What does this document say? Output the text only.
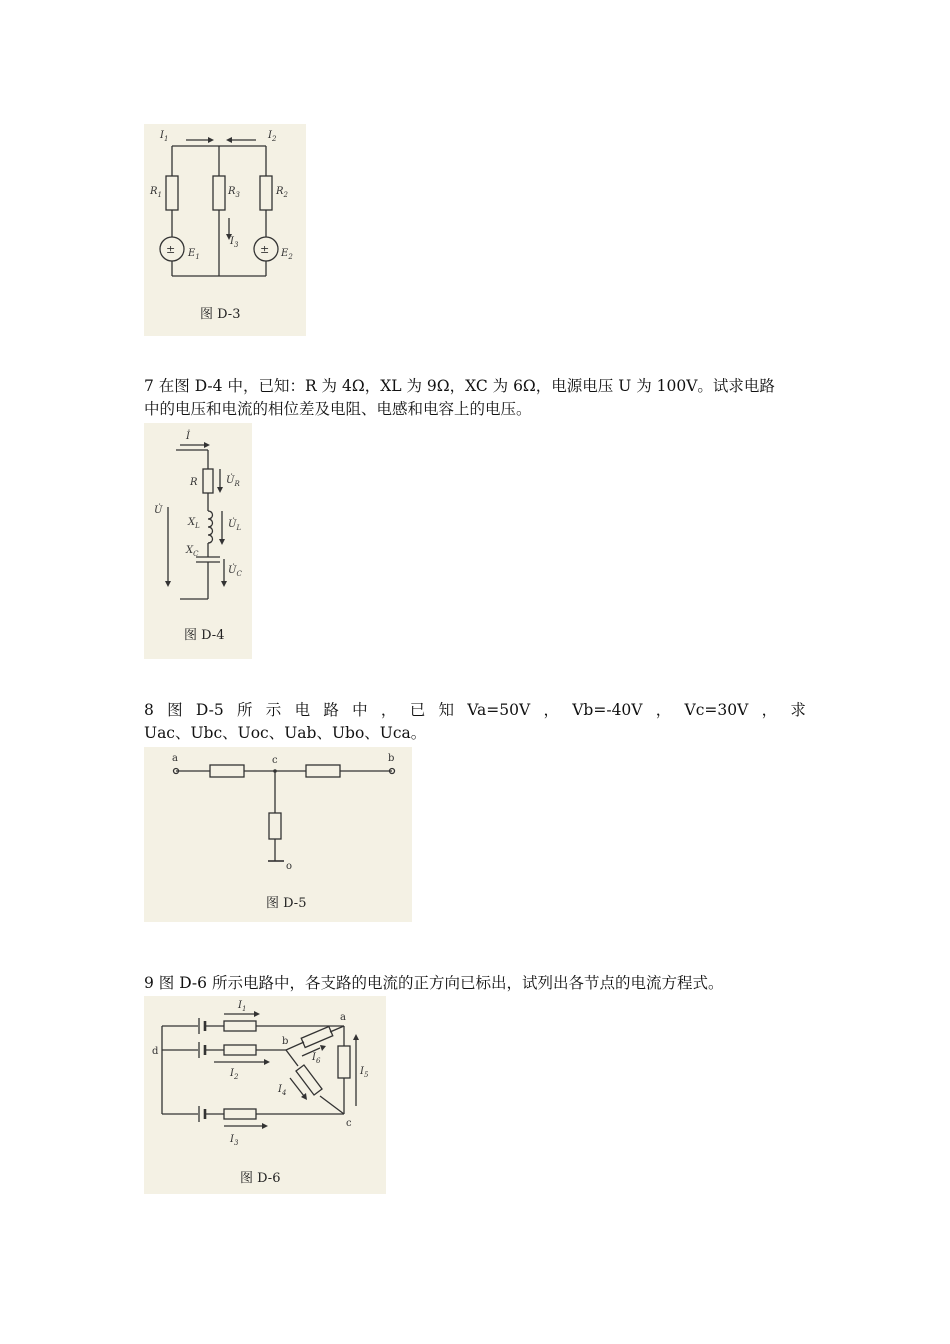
$I_1$	$I_2$
$R_1$	$R_3$	$R_2$
$I_3$
$E_1$	$E_2$
±	±
图 D-3
7 在图 D-4 中，已知：R 为 4Ω，XL 为 9Ω，XC 为 6Ω，电源电压 U 为 100V。试求电路
中的电压和电流的相位差及电阻、电感和电容上的电压。
İ
R	$U̇_R$
U̇
$X_L$	$U̇_L$
$X_C$
$U̇_C$
图 D-4
8 图 D-5 所 示 电 路 中 ， 已 知 Va=50V ， Vb=-40V ， Vc=30V ， 求
Uac、Ubc、Uoc、Uab、Ubo、Uca。
a	b
c
o
图 D-5
9 图 D-6 所示电路中，各支路的电流的正方向已标出，试列出各节点的电流方程式。
$I_1$
$I_2$
$I_3$
$I_4$
$I_5$
$I_6$
a
b
c
d
图 D-6
